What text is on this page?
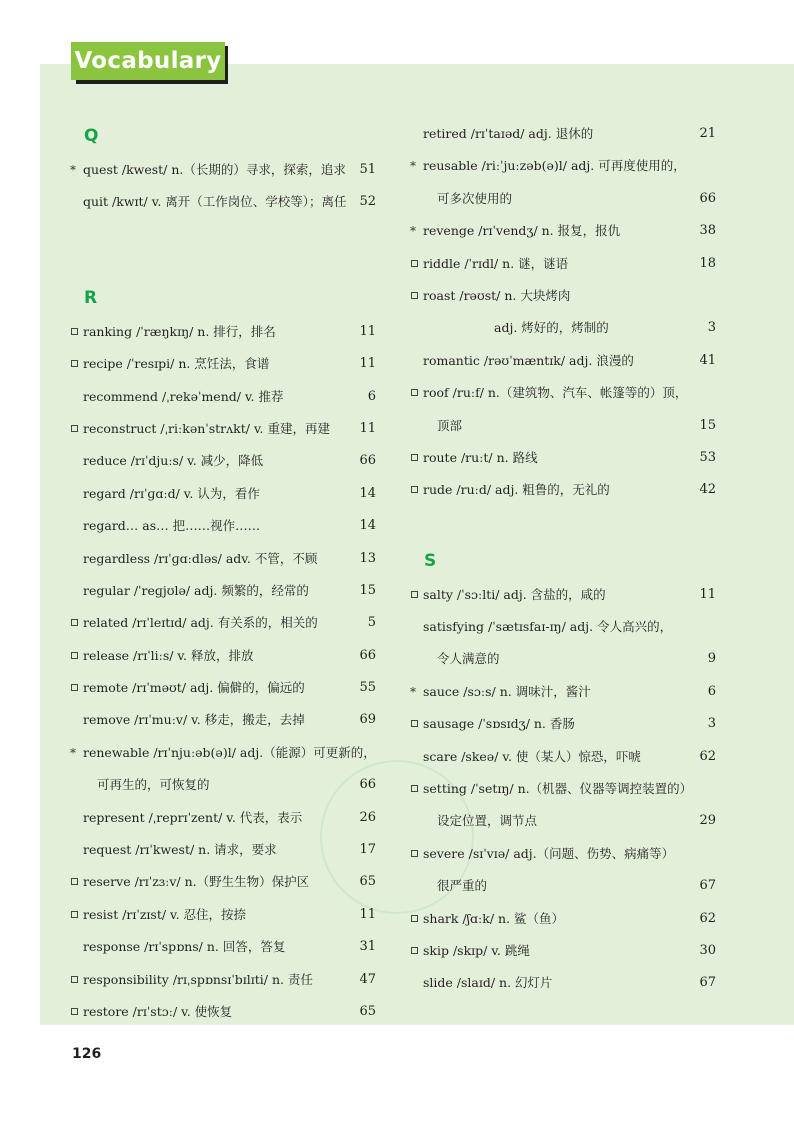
Vocabulary
Q
*
quest /kwest/ n.（长期的）寻求，探索，追求 51
quit /kwɪt/ v. 离开（工作岗位、学校等）；离任 52
R
ranking /ˈræŋkɪŋ/ n. 排行，排名	11
recipe /ˈresɪpi/ n. 烹饪法，食谱	11
recommend /ˌrekəˈmend/ v. 推荐	6
reconstruct /ˌriːkənˈstrʌkt/ v. 重建，再建 11
reduce /rɪˈdjuːs/ v. 减少，降低	66
regard /rɪˈɡɑːd/ v. 认为，看作	14
regard… as… 把……视作……	14
regardless /rɪˈɡɑːdləs/ adv. 不管，不顾	13
regular /ˈreɡjʊlə/ adj. 频繁的，经常的	15
related /rɪˈleɪtɪd/ adj. 有关系的，相关的	5
release /rɪˈliːs/ v. 释放，排放	66
remote /rɪˈməʊt/ adj. 偏僻的，偏远的	55
remove /rɪˈmuːv/ v. 移走，搬走，去掉	69
*
renewable /rɪˈnjuːəb(ə)l/ adj.（能源）可更新的，
可再生的，可恢复的	66
represent /ˌreprɪˈzent/ v. 代表，表示	26
request /rɪˈkwest/ n. 请求，要求	17
reserve /rɪˈzɜːv/ n.（野生生物）保护区	65
resist /rɪˈzɪst/ v. 忍住，按捺	11
response /rɪˈspɒns/ n. 回答，答复	31
responsibility /rɪˌspɒnsɪˈbɪlɪti/ n. 责任	47
restore /rɪˈstɔː/ v. 使恢复	65
retired /rɪˈtaɪəd/ adj. 退休的	21
*
reusable /riːˈjuːzəb(ə)l/ adj. 可再度使用的，
可多次使用的	66
*
revenge /rɪˈvendʒ/ n. 报复，报仇	38
riddle /ˈrɪdl/ n. 谜，谜语	18
roast /rəʊst/ n. 大块烤肉
adj. 烤好的，烤制的	3
romantic /rəʊˈmæntɪk/ adj. 浪漫的	41
roof /ruːf/ n.（建筑物、汽车、帐篷等的）顶，
顶部	15
route /ruːt/ n. 路线	53
rude /ruːd/ adj. 粗鲁的，无礼的	42
S
salty /ˈsɔːlti/ adj. 含盐的，咸的	11
satisfying /ˈsætɪsfaɪ-ɪŋ/ adj. 令人高兴的，
令人满意的	9
*
sauce /sɔːs/ n. 调味汁，酱汁	6
sausage /ˈsɒsɪdʒ/ n. 香肠	3
scare /skeə/ v. 使（某人）惊恐，吓唬	62
setting /ˈsetɪŋ/ n.（机器、仪器等调控装置的）
设定位置，调节点	29
severe /sɪˈvɪə/ adj.（问题、伤势、病痛等）
很严重的	67
shark /ʃɑːk/ n. 鲨（鱼）	62
skip /skɪp/ v. 跳绳	30
slide /slaɪd/ n. 幻灯片	67
126
